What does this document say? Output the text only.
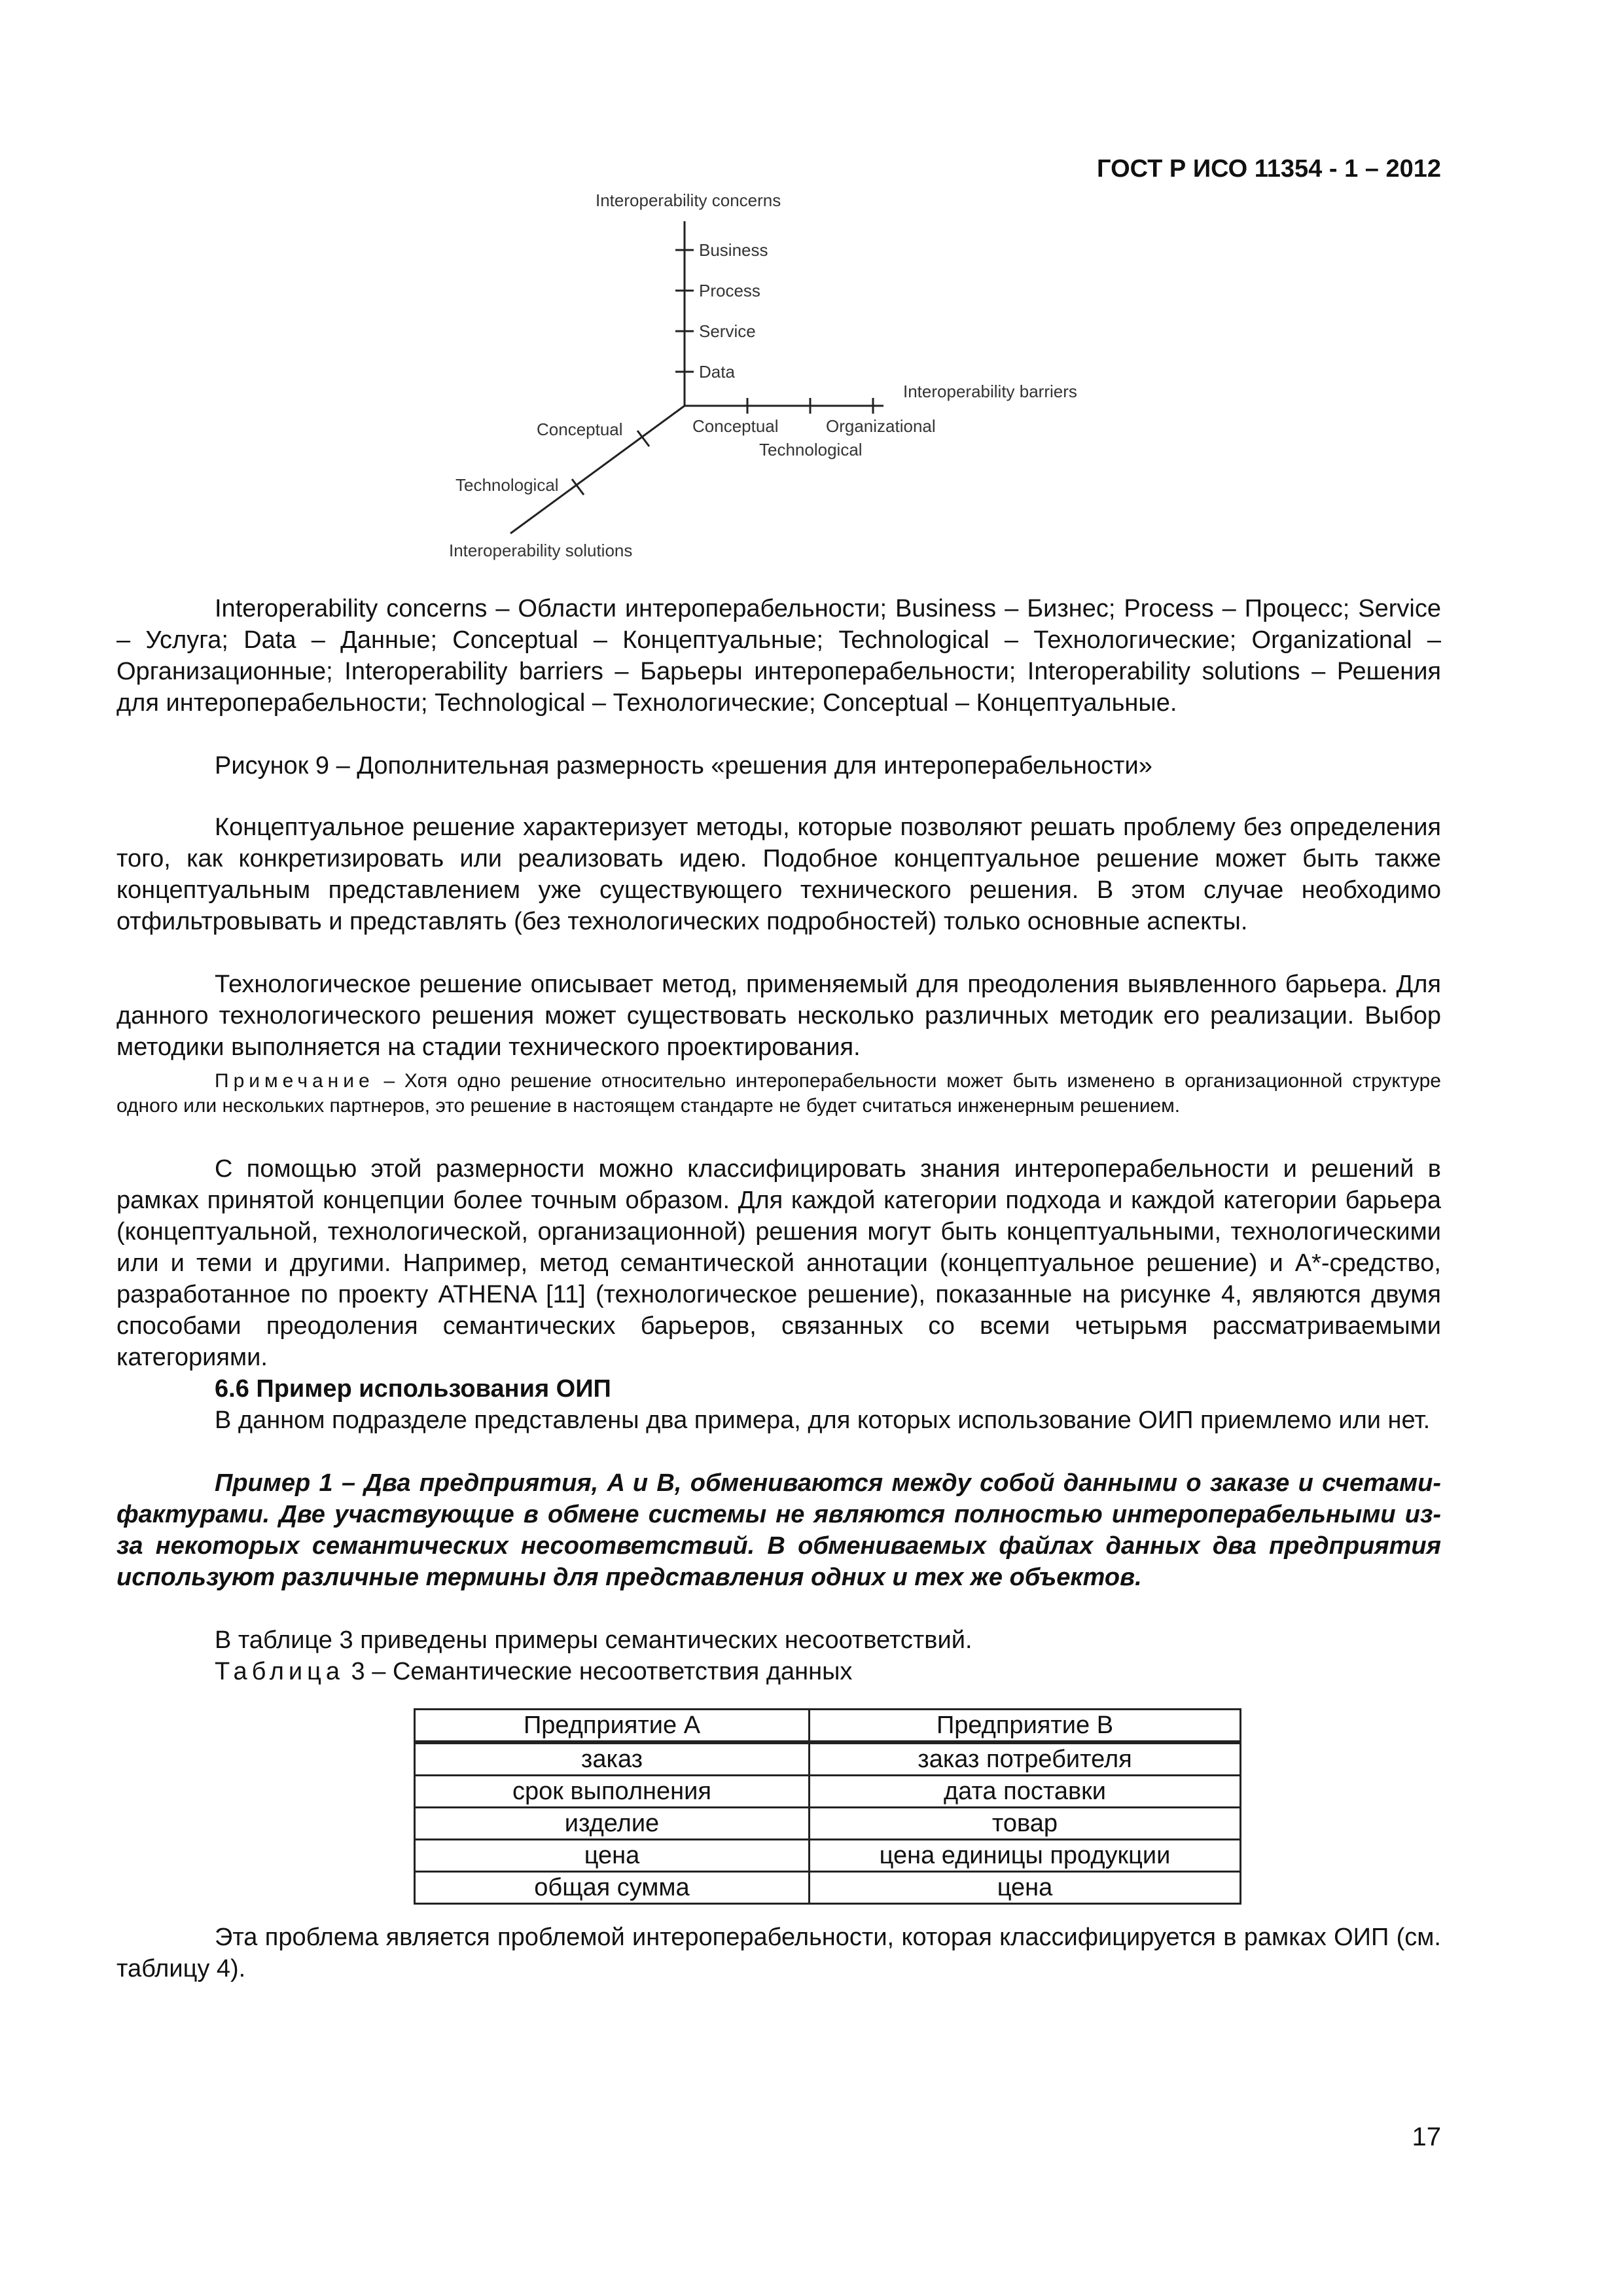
ГОСТ Р ИСО 11354 - 1 – 2012
Interoperability concerns
Business
Process
Service
Data
Interoperability barriers
Conceptual	Organizational
Technological
Conceptual
Technological
Interoperability solutions
Interoperability concerns – Области интероперабельности; Business – Бизнес; Process – Процесс; Service – Услуга; Data – Данные; Conceptual – Концептуальные; Technological – Технологические; Organizational – Организационные; Interoperability barriers – Барьеры интероперабельности; Interoperability solutions – Решения для интероперабельности; Technological – Технологические; Conceptual – Концептуальные.
Рисунок 9 – Дополнительная размерность «решения для интероперабельности»
Концептуальное решение характеризует методы, которые позволяют решать проблему без определения того, как конкретизировать или реализовать идею. Подобное концептуальное решение может быть также концептуальным представлением уже существующего технического решения. В этом случае необходимо отфильтровывать и представлять (без технологических подробностей) только основные аспекты.
Технологическое решение описывает метод, применяемый для преодоления выявленного барьера. Для данного технологического решения может существовать несколько различных методик его реализации. Выбор методики выполняется на стадии технического проектирования.
Примечание – Хотя одно решение относительно интероперабельности может быть изменено в организационной структуре одного или нескольких партнеров, это решение в настоящем стандарте не будет считаться инженерным решением.
С помощью этой размерности можно классифицировать знания интероперабельности и решений в рамках принятой концепции более точным образом. Для каждой категории подхода и каждой категории барьера (концептуальной, технологической, организационной) решения могут быть концептуальными, технологическими или и теми и другими. Например, метод семантической аннотации (концептуальное решение) и A*-средство, разработанное по проекту ATHENA [11] (технологическое решение), показанные на рисунке 4, являются двумя способами преодоления семантических барьеров, связанных со всеми четырьмя рассматриваемыми категориями.
6.6 Пример использования ОИП
В данном подразделе представлены два примера, для которых использование ОИП приемлемо или нет.
Пример 1 – Два предприятия, A и B, обмениваются между собой данными о заказе и счетами-фактурами. Две участвующие в обмене системы не являются полностью интероперабельными из-за некоторых семантических несоответствий. В обмениваемых файлах данных два предприятия используют различные термины для представления одних и тех же объектов.
В таблице 3 приведены примеры семантических несоответствий.
Таблица 3 – Семантические несоответствия данных
Предприятие A	Предприятие B
заказ	заказ потребителя
срок выполнения	дата поставки
изделие	товар
цена	цена единицы продукции
общая сумма	цена
Эта проблема является проблемой интероперабельности, которая классифицируется в рамках ОИП (см. таблицу 4).
17
